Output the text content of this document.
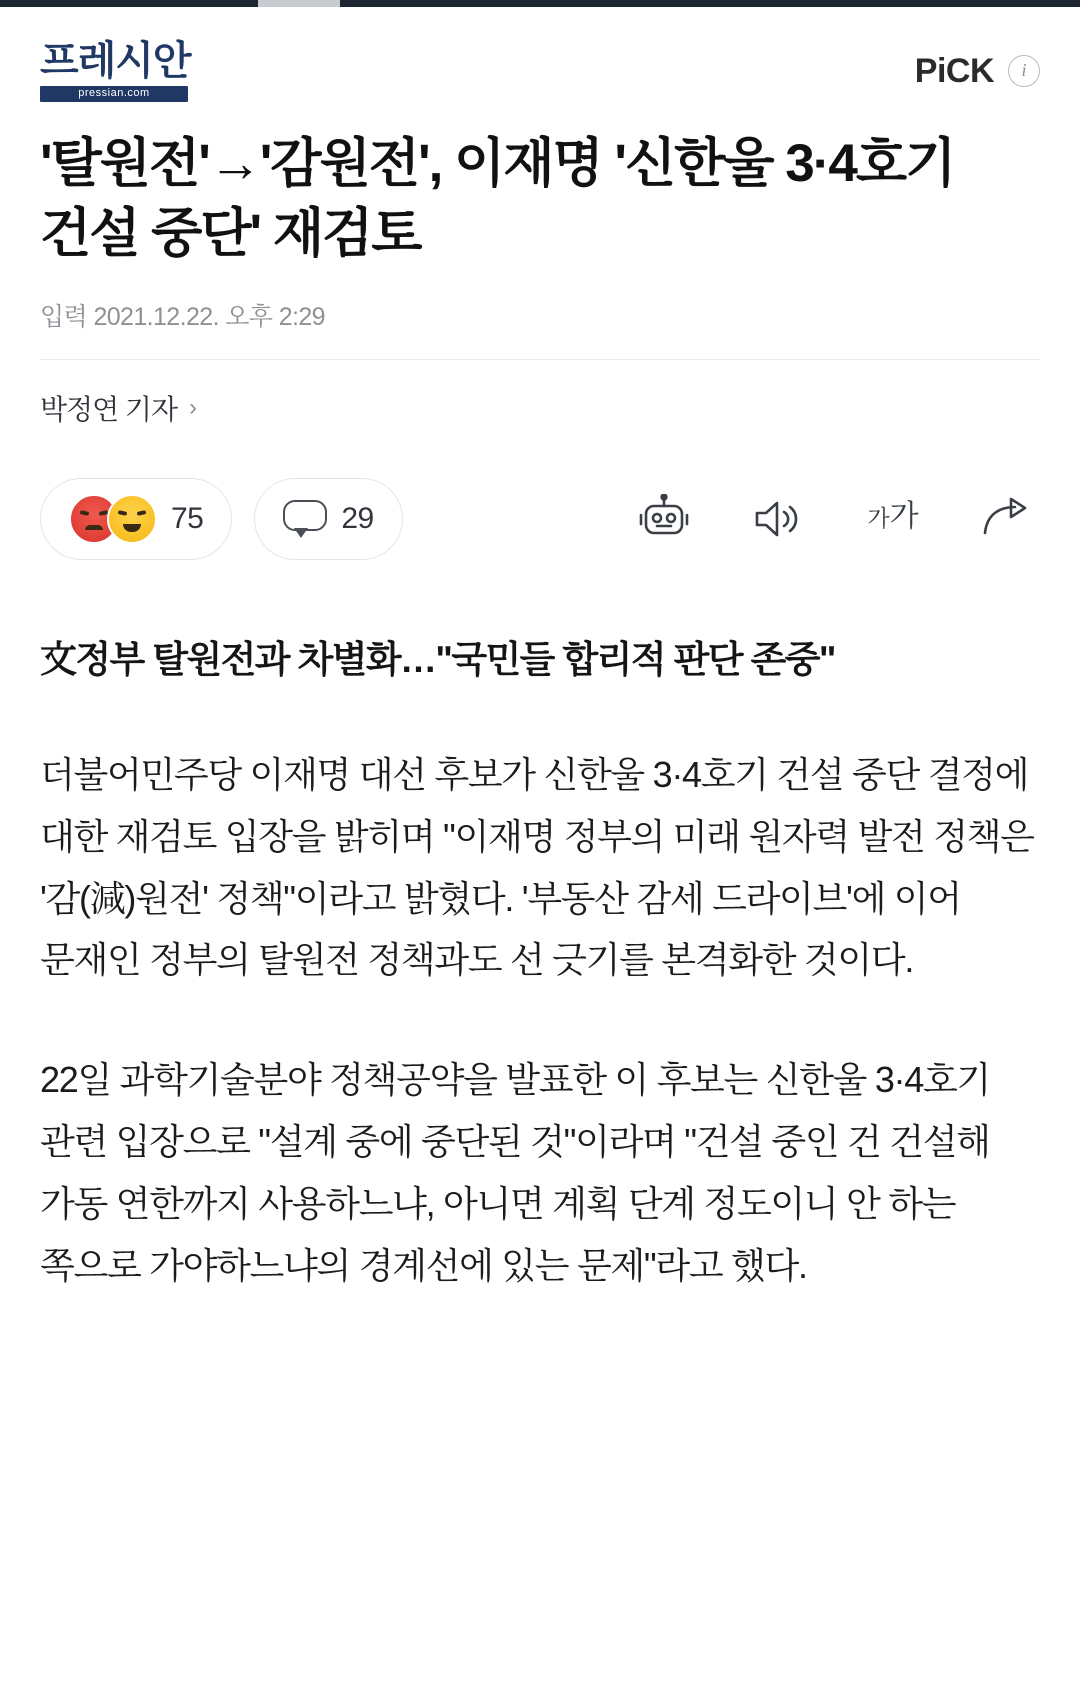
프레시안
pressian.com
PiCK	i
'탈원전'→'감원전', 이재명 '신한울 3·4호기 건설 중단' 재검토
입력 2021.12.22. 오후 2:29
박정연 기자 ›
75	29	가 가
文정부 탈원전과 차별화…"국민들 합리적 판단 존중"

더불어민주당 이재명 대선 후보가 신한울 3·4호기 건설 중단 결정에 대한 재검토 입장을 밝히며 "이재명 정부의 미래 원자력 발전 정책은 '감(減)원전' 정책"이라고 밝혔다. '부동산 감세 드라이브'에 이어 문재인 정부의 탈원전 정책과도 선 긋기를 본격화한 것이다.

22일 과학기술분야 정책공약을 발표한 이 후보는 신한울 3·4호기 관련 입장으로 "설계 중에 중단된 것"이라며 "건설 중인 건 건설해 가동 연한까지 사용하느냐, 아니면 계획 단계 정도이니 안 하는 쪽으로 가야하느냐의 경계선에 있는 문제"라고 했다.
